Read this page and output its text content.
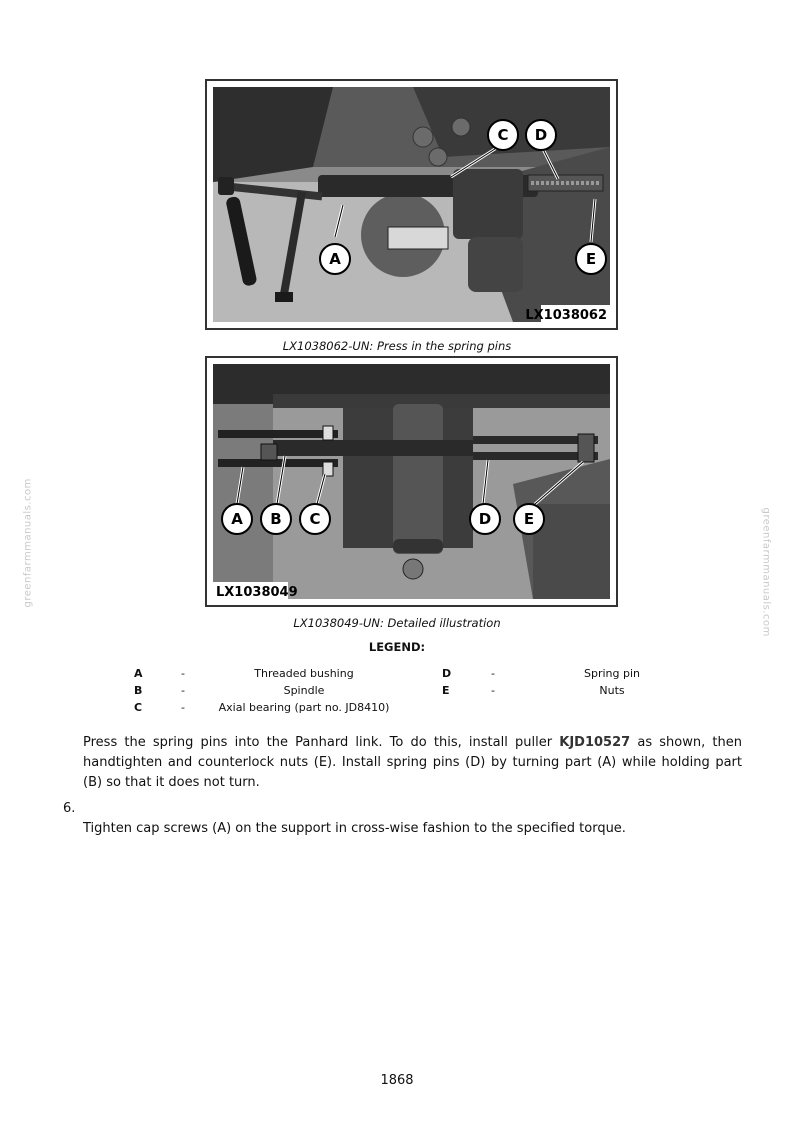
greenfarmmanuals.com	greenfarmmanuals.com
A
C D
E
LX1038062
LX1038062-UN: Press in the spring pins
A B C	D E
LX1038049
LX1038049-UN: Detailed illustration
LEGEND:
A	-	Threaded bushing	D	-	Spring pin
B	-	Spindle	E	-	Nuts
C	-	Axial bearing (part no. JD8410)
Press the spring pins into the Panhard link. To do this, install puller KJD10527 as shown, then handtighten and counterlock nuts (E). Install spring pins (D) by turning part (A) while holding part (B) so that it does not turn.
6.
Tighten cap screws (A) on the support in cross-wise fashion to the specified torque.
1868
